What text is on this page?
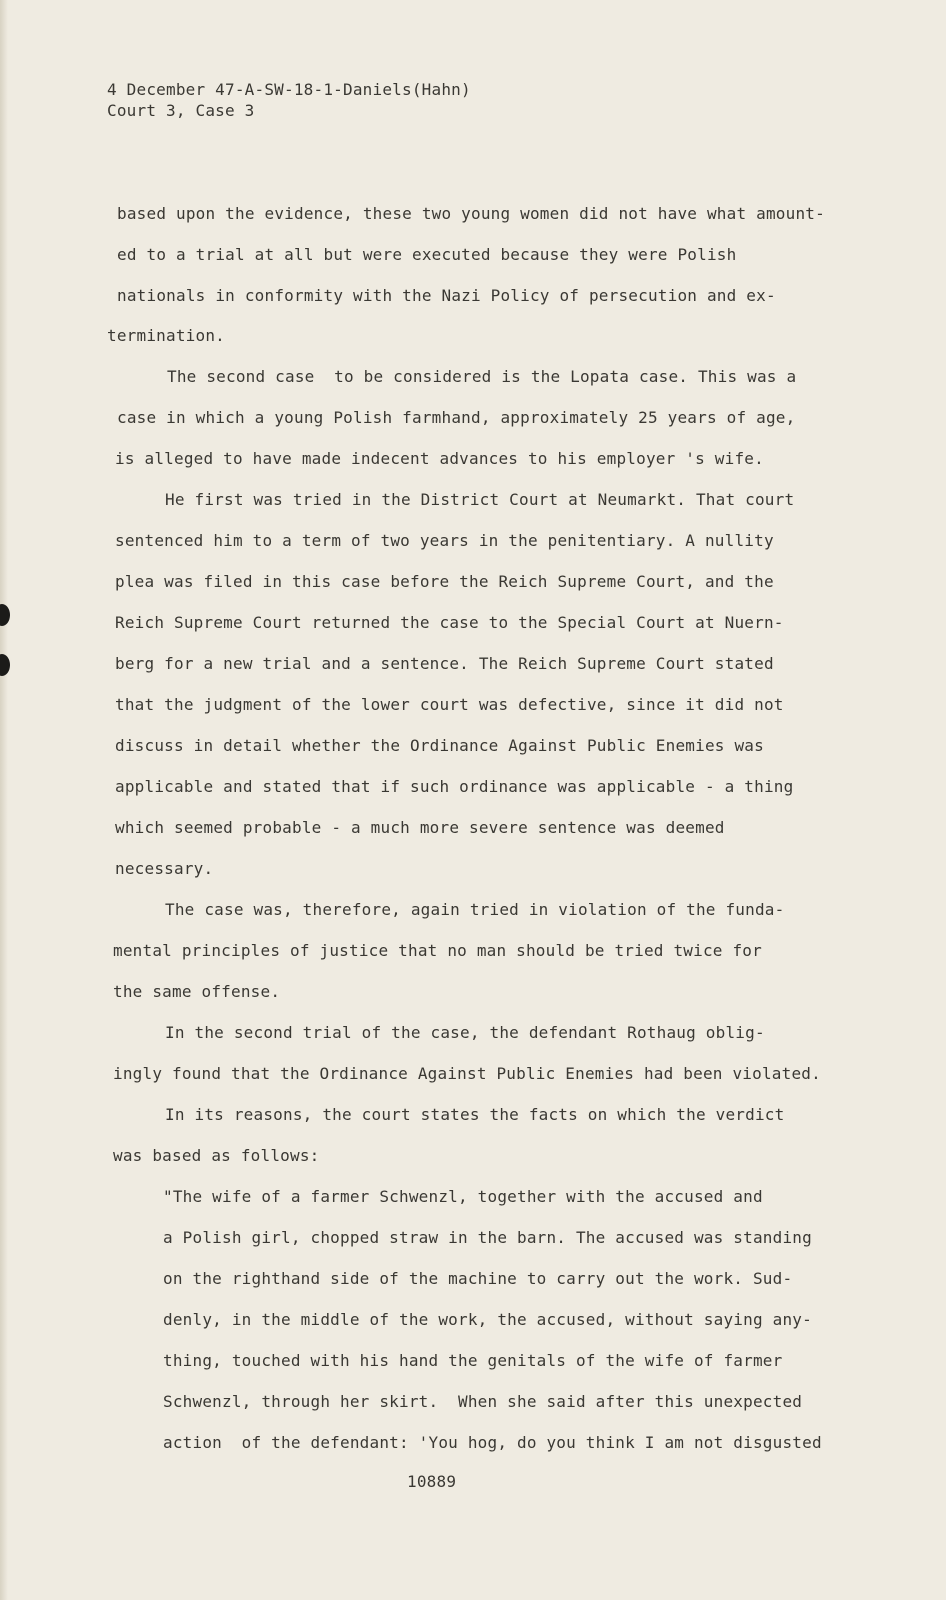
4 December 47-A-SW-18-1-Daniels(Hahn)
Court 3, Case 3
based upon the evidence, these two young women did not have what amount-
ed to a trial at all but were executed because they were Polish
nationals in conformity with the Nazi Policy of persecution and ex-
termination.
The second case  to be considered is the Lopata case. This was a
case in which a young Polish farmhand, approximately 25 years of age,
is alleged to have made indecent advances to his employer 's wife.
He first was tried in the District Court at Neumarkt. That court
sentenced him to a term of two years in the penitentiary. A nullity
plea was filed in this case before the Reich Supreme Court, and the
Reich Supreme Court returned the case to the Special Court at Nuern-
berg for a new trial and a sentence. The Reich Supreme Court stated
that the judgment of the lower court was defective, since it did not
discuss in detail whether the Ordinance Against Public Enemies was
applicable and stated that if such ordinance was applicable - a thing
which seemed probable - a much more severe sentence was deemed
necessary.
The case was, therefore, again tried in violation of the funda-
mental principles of justice that no man should be tried twice for
the same offense.
In the second trial of the case, the defendant Rothaug oblig-
ingly found that the Ordinance Against Public Enemies had been violated.
In its reasons, the court states the facts on which the verdict
was based as follows:
"The wife of a farmer Schwenzl, together with the accused and
a Polish girl, chopped straw in the barn. The accused was standing
on the righthand side of the machine to carry out the work. Sud-
denly, in the middle of the work, the accused, without saying any-
thing, touched with his hand the genitals of the wife of farmer
Schwenzl, through her skirt.  When she said after this unexpected
action  of the defendant: 'You hog, do you think I am not disgusted
10889
